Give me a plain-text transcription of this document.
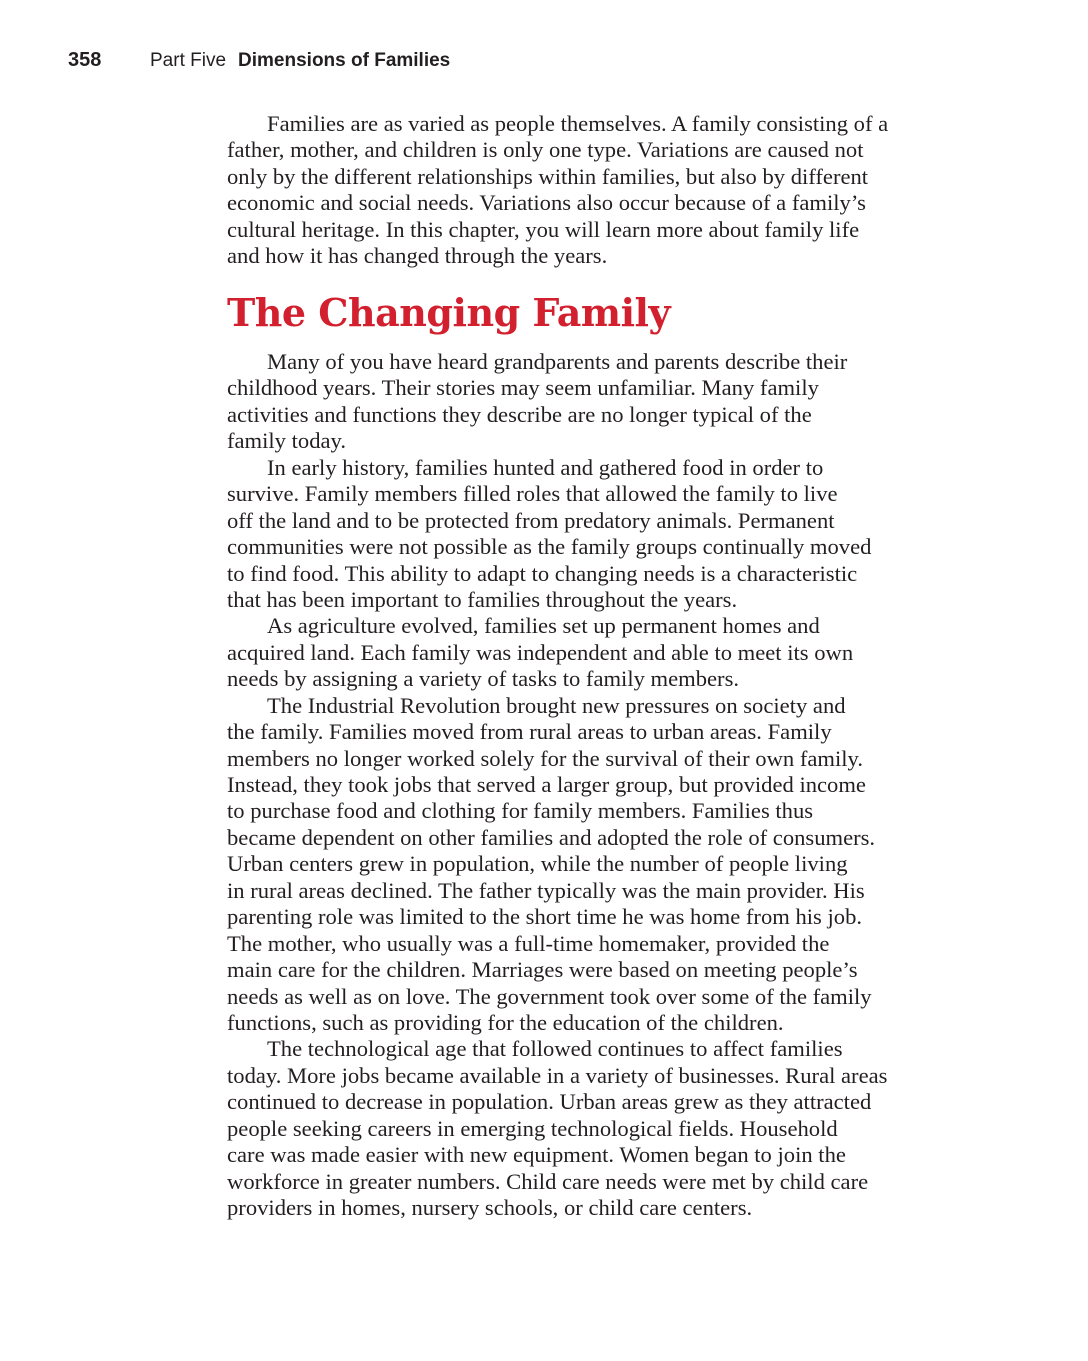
358	Part Five Dimensions of Families
Families are as varied as people themselves. A family consisting of a
father, mother, and children is only one type. Variations are caused not
only by the different relationships within families, but also by different
economic and social needs. Variations also occur because of a family’s
cultural heritage. In this chapter, you will learn more about family life
and how it has changed through the years.
The Changing Family
Many of you have heard grandparents and parents describe their
childhood years. Their stories may seem unfamiliar. Many family
activities and functions they describe are no longer typical of the
family today.
In early history, families hunted and gathered food in order to
survive. Family members filled roles that allowed the family to live
off the land and to be protected from predatory animals. Permanent
communities were not possible as the family groups continually moved
to find food. This ability to adapt to changing needs is a characteristic
that has been important to families throughout the years.
As agriculture evolved, families set up permanent homes and
acquired land. Each family was independent and able to meet its own
needs by assigning a variety of tasks to family members.
The Industrial Revolution brought new pressures on society and
the family. Families moved from rural areas to urban areas. Family
members no longer worked solely for the survival of their own family.
Instead, they took jobs that served a larger group, but provided income
to purchase food and clothing for family members. Families thus
became dependent on other families and adopted the role of consumers.
Urban centers grew in population, while the number of people living
in rural areas declined. The father typically was the main provider. His
parenting role was limited to the short time he was home from his job.
The mother, who usually was a full-time homemaker, provided the
main care for the children. Marriages were based on meeting people’s
needs as well as on love. The government took over some of the family
functions, such as providing for the education of the children.
The technological age that followed continues to affect families
today. More jobs became available in a variety of businesses. Rural areas
continued to decrease in population. Urban areas grew as they attracted
people seeking careers in emerging technological fields. Household
care was made easier with new equipment. Women began to join the
workforce in greater numbers. Child care needs were met by child care
providers in homes, nursery schools, or child care centers.
